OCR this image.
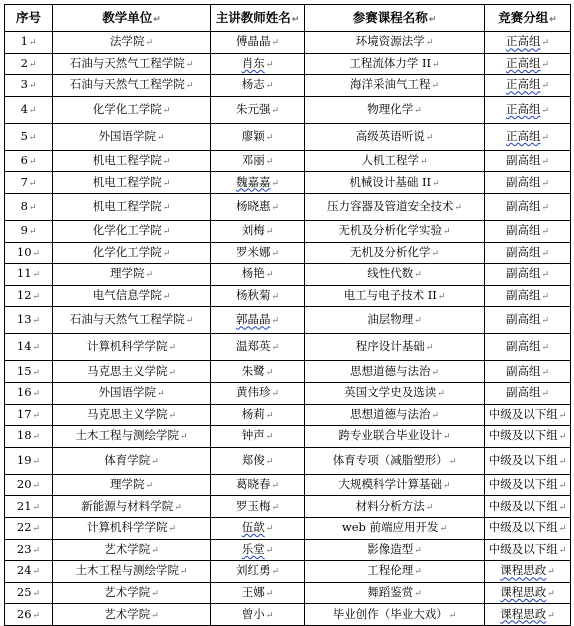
序号	教学单位↵	主讲教师姓名↵	参赛课程名称↵	竞赛分组↵
1↵	法学院↵	傅晶晶↵	环境资源法学↵	正高组↵
2↵	石油与天然气工程学院↵	肖东↵	工程流体力学 II↵	正高组↵
3↵	石油与天然气工程学院↵	杨志↵	海洋采油气工程↵	正高组↵
4↵	化学化工学院↵	朱元强↵	物理化学↵	正高组↵
5↵	外国语学院↵	廖颖↵	高级英语听说↵	正高组↵
6↵	机电工程学院↵	邓丽↵	人机工程学↵	副高组↵
7↵	机电工程学院↵	魏嘉嘉↵	机械设计基础 II↵	副高组↵
8↵	机电工程学院↵	杨晓惠↵	压力容器及管道安全技术↵	副高组↵
9↵	化学化工学院↵	刘梅↵	无机及分析化学实验↵	副高组↵
10↵	化学化工学院↵	罗米娜↵	无机及分析化学↵	副高组↵
11↵	理学院↵	杨艳↵	线性代数↵	副高组↵
12↵	电气信息学院↵	杨秋菊↵	电工与电子技术 II↵	副高组↵
13↵	石油与天然气工程学院↵	郭晶晶↵	油层物理↵	副高组↵
14↵	计算机科学学院↵	温郑英↵	程序设计基础↵	副高组↵
15↵	马克思主义学院↵	朱鹭↵	思想道德与法治↵	副高组↵
16↵	外国语学院↵	黄伟珍↵	英国文学史及选读↵	副高组↵
17↵	马克思主义学院↵	杨莉↵	思想道德与法治↵	中级及以下组↵
18↵	土木工程与测绘学院↵	钟声↵	跨专业联合毕业设计↵	中级及以下组↵
19↵	体育学院↵	郑俊↵	体育专项（减脂塑形）↵	中级及以下组↵
20↵	理学院↵	葛晓春↵	大规模科学计算基础↵	中级及以下组↵
21↵	新能源与材料学院↵	罗玉梅↵	材料分析方法↵	中级及以下组↵
22↵	计算机科学学院↵	伍歆↵	web 前端应用开发↵	中级及以下组↵
23↵	艺术学院↵	乐堂↵	影像造型↵	中级及以下组↵
24↵	土木工程与测绘学院↵	刘红勇↵	工程伦理↵	课程思政↵
25↵	艺术学院↵	王娜↵	舞蹈鉴赏↵	课程思政↵
26↵	艺术学院↵	曾小↵	毕业创作（毕业大戏）↵	课程思政↵
